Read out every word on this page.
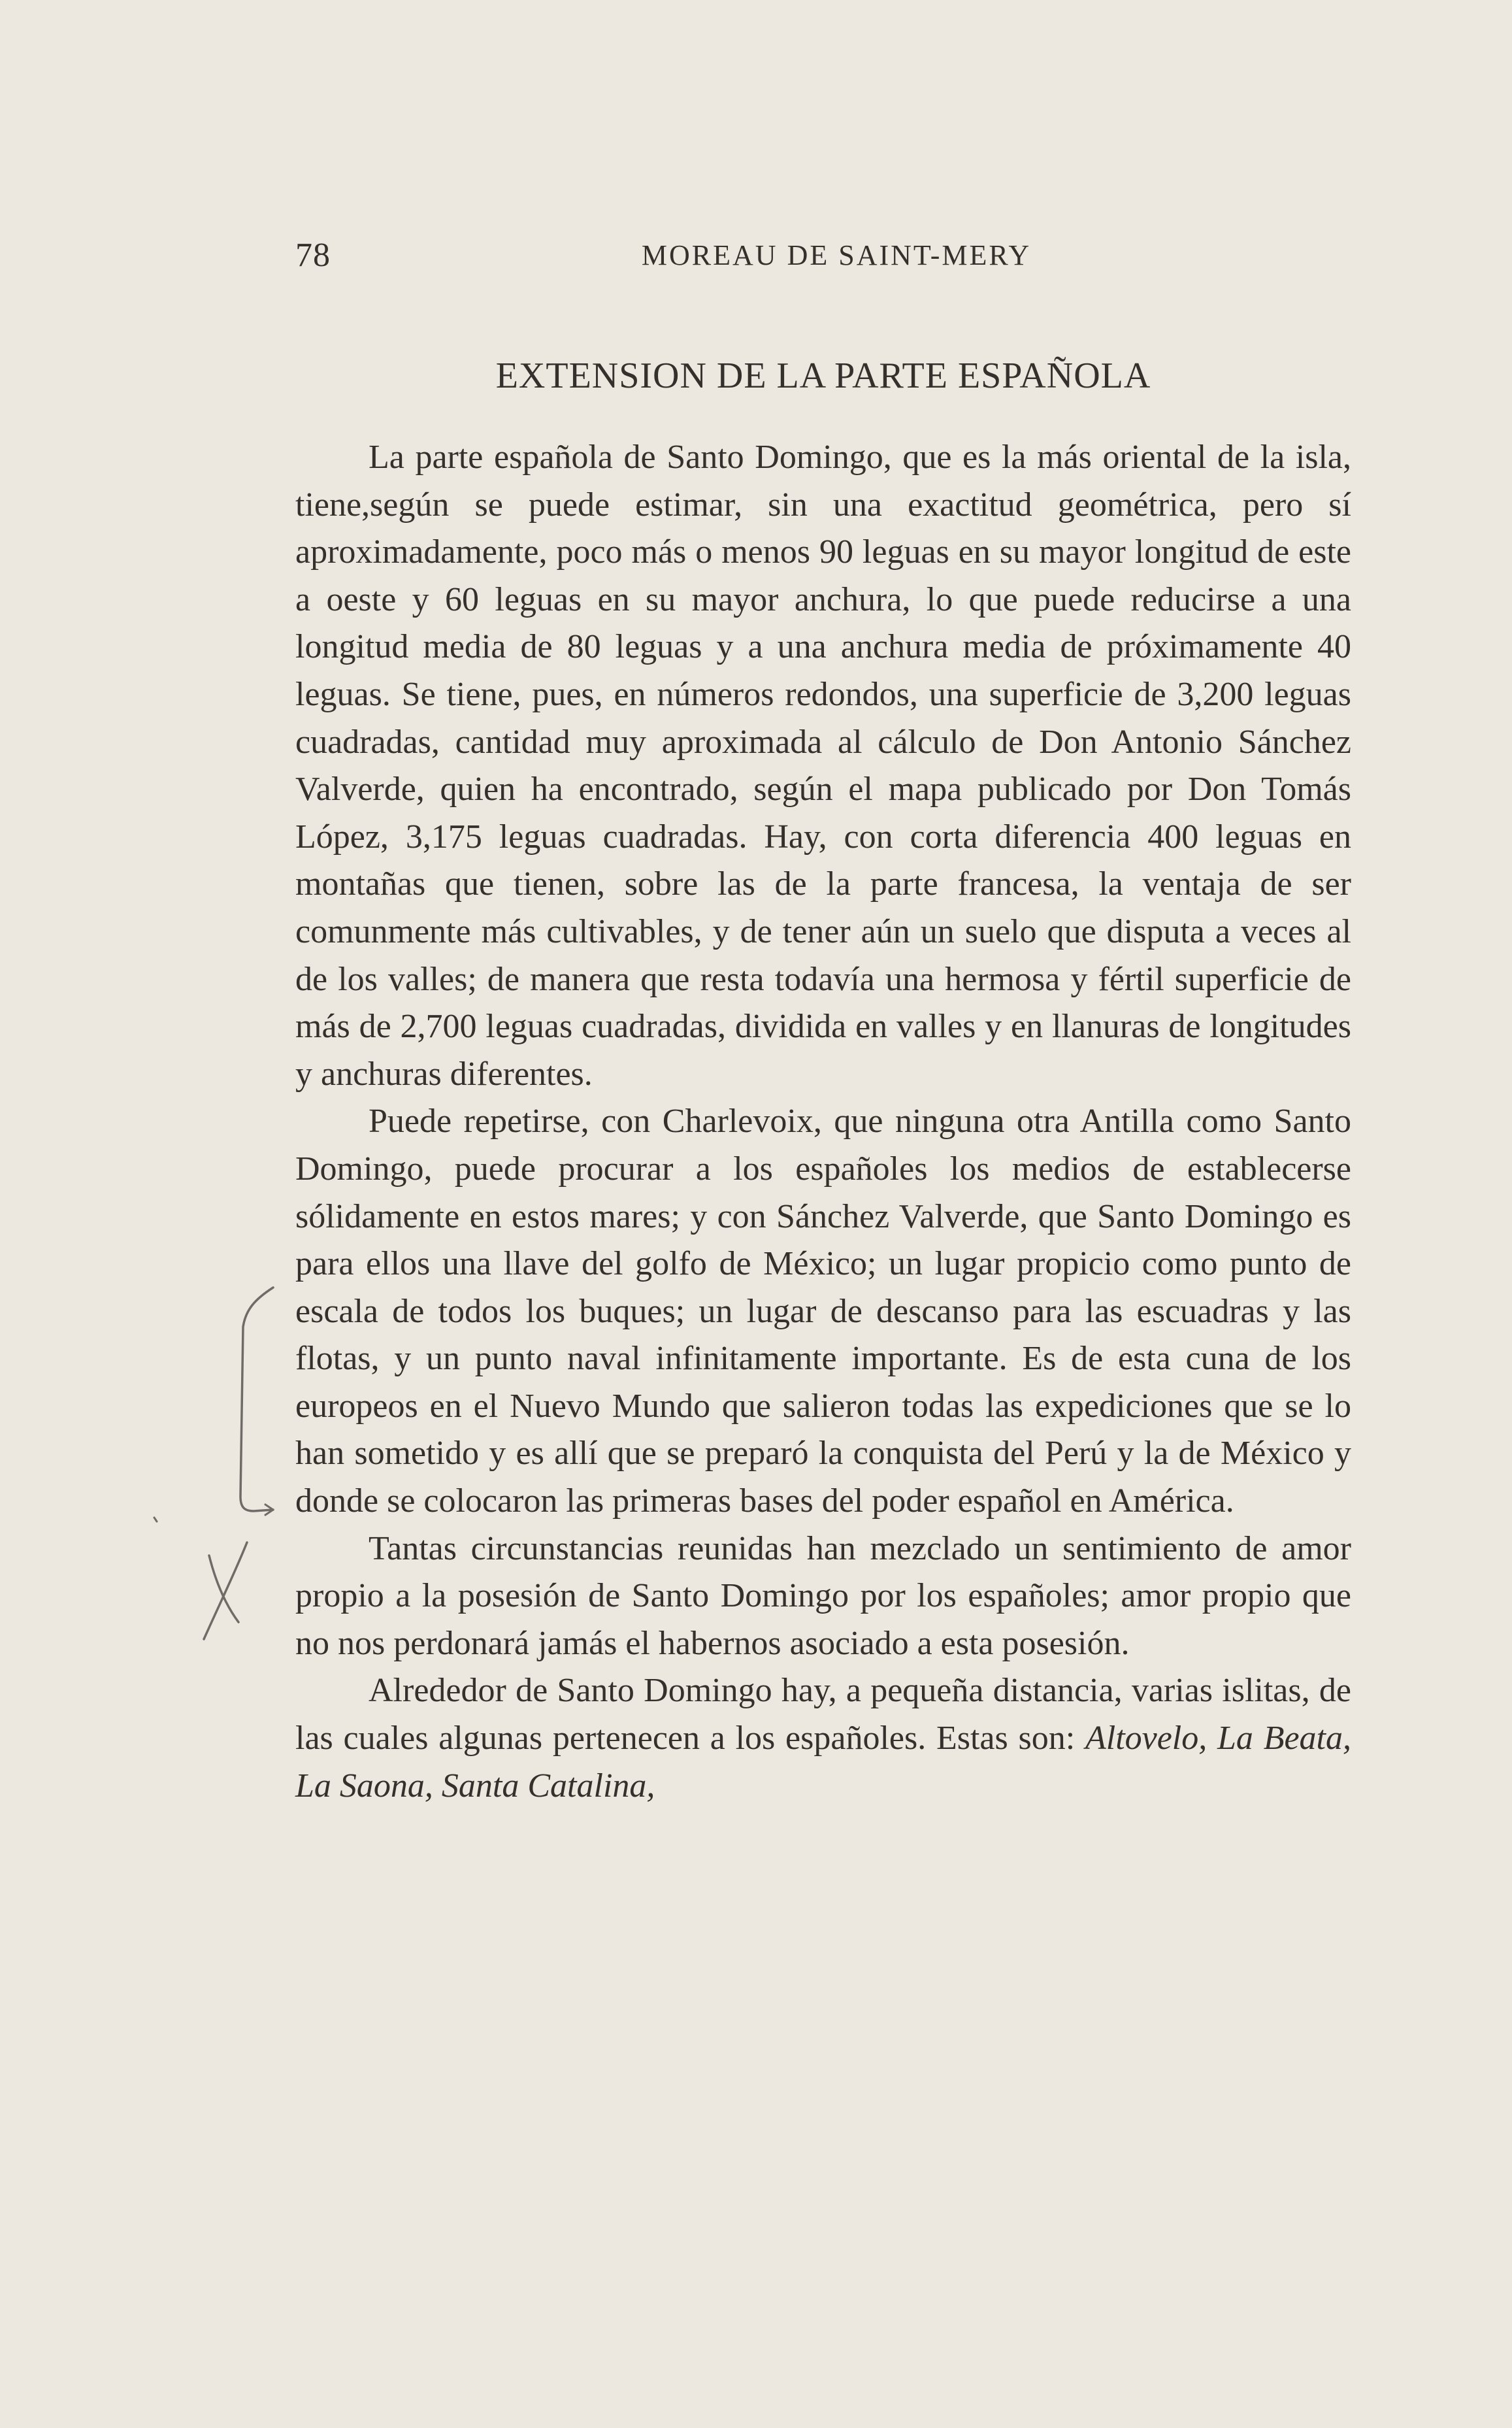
78	MOREAU DE SAINT-MERY
EXTENSION DE LA PARTE ESPAÑOLA

La parte española de Santo Domingo, que es la más oriental de la isla, tiene,según se puede estimar, sin una exactitud geométrica, pero sí aproximadamente, poco más o menos 90 leguas en su mayor longitud de este a oeste y 60 leguas en su mayor anchura, lo que puede reducirse a una longitud media de 80 leguas y a una anchura media de próximamente 40 leguas. Se tiene, pues, en números redondos, una superficie de 3,200 leguas cuadradas, cantidad muy aproximada al cálculo de Don Antonio Sánchez Valverde, quien ha encontrado, según el mapa publicado por Don Tomás López, 3,175 leguas cuadradas. Hay, con corta diferencia 400 leguas en montañas que tienen, sobre las de la parte francesa, la ventaja de ser comunmente más cultivables, y de tener aún un suelo que disputa a veces al de los valles; de manera que resta todavía una hermosa y fértil superficie de más de 2,700 leguas cuadradas, dividida en valles y en llanuras de longitudes y anchuras diferentes.

Puede repetirse, con Charlevoix, que ninguna otra Antilla como Santo Domingo, puede procurar a los españoles los medios de establecerse sólidamente en estos mares; y con Sánchez Valverde, que Santo Domingo es para ellos una llave del golfo de México; un lugar propicio como punto de escala de todos los buques; un lugar de descanso para las escuadras y las flotas, y un punto naval infinitamente importante. Es de esta cuna de los europeos en el Nuevo Mundo que salieron todas las expediciones que se lo han sometido y es allí que se preparó la conquista del Perú y la de México y donde se colocaron las primeras bases del poder español en América.

Tantas circunstancias reunidas han mezclado un sentimiento de amor propio a la posesión de Santo Domingo por los españoles; amor propio que no nos perdonará jamás el habernos asociado a esta posesión.

Alrededor de Santo Domingo hay, a pequeña distancia, varias islitas, de las cuales algunas pertenecen a los españoles. Estas son: Altovelo, La Beata, La Saona, Santa Catalina,
